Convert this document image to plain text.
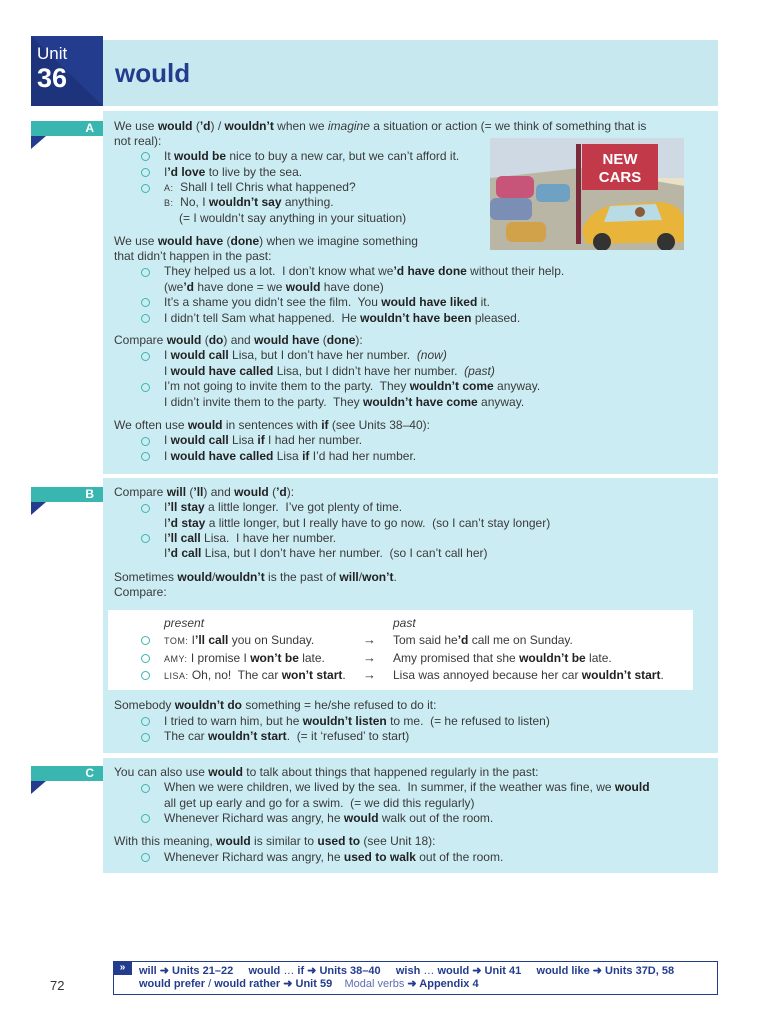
Unit
36 would
A
B
C
NEW
CARS
We use would (’d) / wouldn’t when we imagine a situation or action (= we think of something that is
not real):
It would be nice to buy a new car, but we can’t afford it.
I’d love to live by the sea.
A:  Shall I tell Chris what happened?
B:  No, I wouldn’t say anything.
(= I wouldn’t say anything in your situation)
We use would have (done) when we imagine something
that didn’t happen in the past:
They helped us a lot.  I don’t know what we’d have done without their help.
(we’d have done = we would have done)
It’s a shame you didn’t see the film.  You would have liked it.
I didn’t tell Sam what happened.  He wouldn’t have been pleased.
Compare would (do) and would have (done):
I would call Lisa, but I don’t have her number.  (now)
I would have called Lisa, but I didn’t have her number.  (past)
I’m not going to invite them to the party.  They wouldn’t come anyway.
I didn’t invite them to the party.  They wouldn’t have come anyway.
We often use would in sentences with if (see Units 38–40):
I would call Lisa if I had her number.
I would have called Lisa if I’d had her number.
Compare will (’ll) and would (’d):
I’ll stay a little longer.  I’ve got plenty of time.
I’d stay a little longer, but I really have to go now.  (so I can’t stay longer)
I’ll call Lisa.  I have her number.
I’d call Lisa, but I don’t have her number.  (so I can’t call her)
Sometimes would/wouldn’t is the past of will/won’t.
Compare:
present	past
TOM: I’ll call you on Sunday.	→ Tom said he’d call me on Sunday.
AMY: I promise I won’t be late.	→ Amy promised that she wouldn’t be late.
LISA: Oh, no!  The car won’t start. → Lisa was annoyed because her car wouldn’t start.
Somebody wouldn’t do something = he/she refused to do it:
I tried to warn him, but he wouldn’t listen to me.  (= he refused to listen)
The car wouldn’t start.  (= it ‘refused’ to start)
You can also use would to talk about things that happened regularly in the past:
When we were children, we lived by the sea.  In summer, if the weather was fine, we would
all get up early and go for a swim.  (= we did this regularly)
Whenever Richard was angry, he would walk out of the room.
With this meaning, would is similar to used to (see Unit 18):
Whenever Richard was angry, he used to walk out of the room.
72
»	will ➜ Units 21–22 would … if ➜ Units 38–40 wish … would ➜ Unit 41 would like ➜ Units 37D, 58
would prefer / would rather ➜ Unit 59 Modal verbs ➜ Appendix 4
